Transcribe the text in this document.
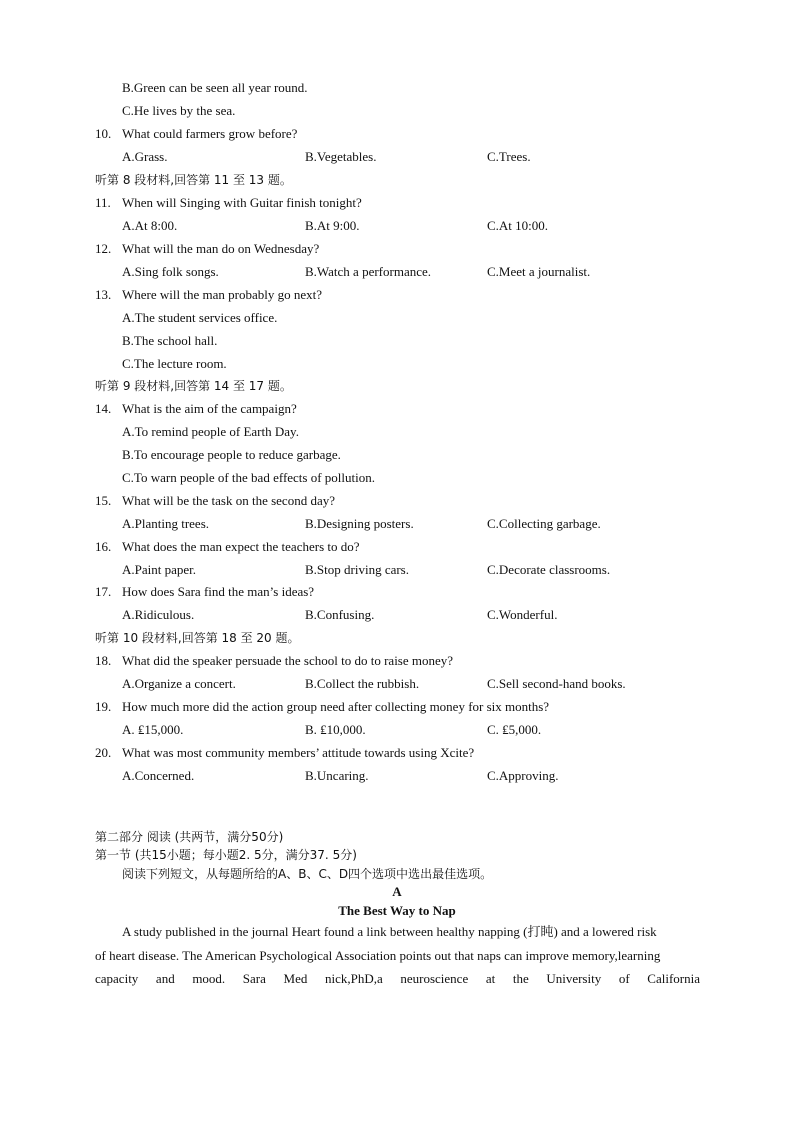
B.Green can be seen all year round.
C.He lives by the sea.
10. What could farmers grow before?
A.Grass.	B.Vegetables.	C.Trees.
听第 8 段材料,回答第 11 至 13 题。
11. When will Singing with Guitar finish tonight?
A.At 8:00.	B.At 9:00.	C.At 10:00.
12. What will the man do on Wednesday?
A.Sing folk songs.	B.Watch a performance.	C.Meet a journalist.
13. Where will the man probably go next?
A.The student services office.
B.The school hall.
C.The lecture room.
听第 9 段材料,回答第 14 至 17 题。
14. What is the aim of the campaign?
A.To remind people of Earth Day.
B.To encourage people to reduce garbage.
C.To warn people of the bad effects of pollution.
15. What will be the task on the second day?
A.Planting trees.	B.Designing posters.	C.Collecting garbage.
16. What does the man expect the teachers to do?
A.Paint paper.	B.Stop driving cars.	C.Decorate classrooms.
17. How does Sara find the man’s ideas?
A.Ridiculous.	B.Confusing.	C.Wonderful.
听第 10 段材料,回答第 18 至 20 题。
18. What did the speaker persuade the school to do to raise money?
A.Organize a concert.	B.Collect the rubbish.	C.Sell second-hand books.
19. How much more did the action group need after collecting money for six months?
A. ₤15,000.	B. ₤10,000.	C. ₤5,000.
20. What was most community members’ attitude towards using Xcite?
A.Concerned.	B.Uncaring.	C.Approving.
第二部分 阅读 (共两节，满分50分)
第一节 (共15小题；每小题2. 5分，满分37. 5分)
阅读下列短文，从每题所给的A、B、C、D四个选项中选出最佳选项。
A
The Best Way to Nap
A study published in the journal Heart found a link between healthy napping (打盹) and a lowered risk
of heart disease. The American Psychological Association points out that naps can improve memory,learning
capacity and mood. Sara Med nick,PhD,a neuroscience at the University of California
